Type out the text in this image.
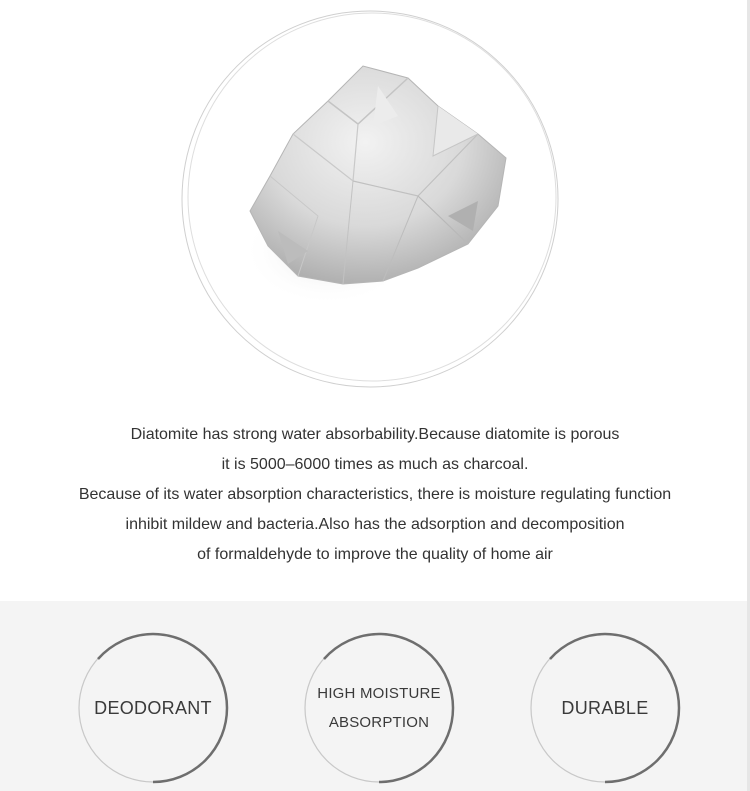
Diatomite has strong water absorbability.Because diatomite is porous

it is 5000–6000 times as much as charcoal.

Because of its water absorption characteristics, there is moisture regulating function

inhibit mildew and bacteria.Also has the adsorption and decomposition

of formaldehyde to improve the quality of home air

DEODORANT
HIGH MOISTURE
ABSORPTION
DURABLE
